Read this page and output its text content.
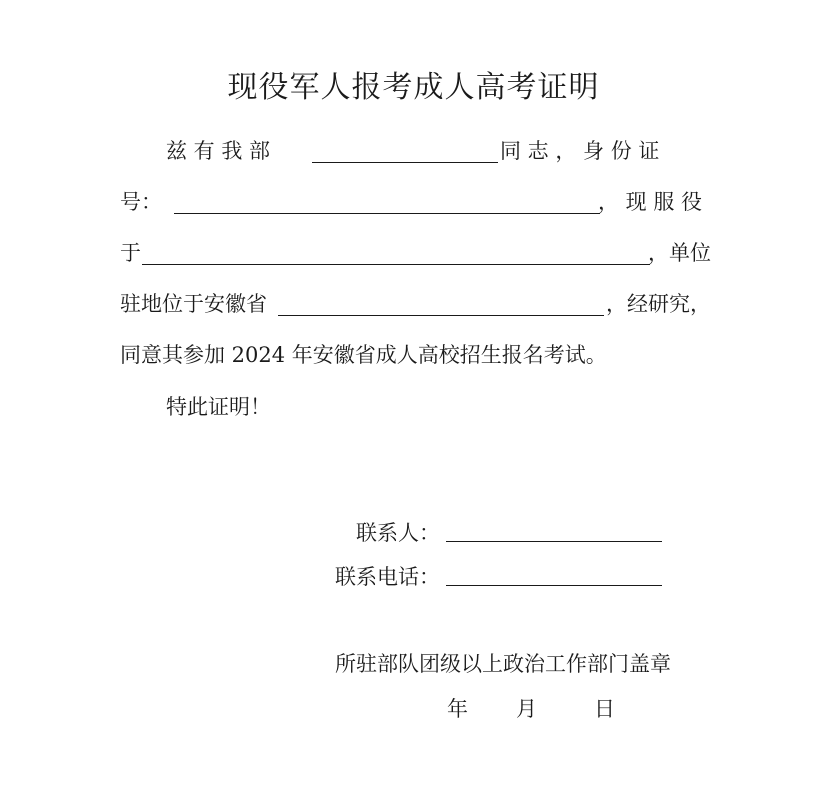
现役军人报考成人高考证明
兹 有 我 部	同 志 ， 身 份 证
号：	， 现 服 役
于	，单位
驻地位于安徽省	，经研究，
同意其参加 2024 年安徽省成人高校招生报名考试。
特此证明！
联系人：
联系电话：
所驻部队团级以上政治工作部门盖章
年 月	日
